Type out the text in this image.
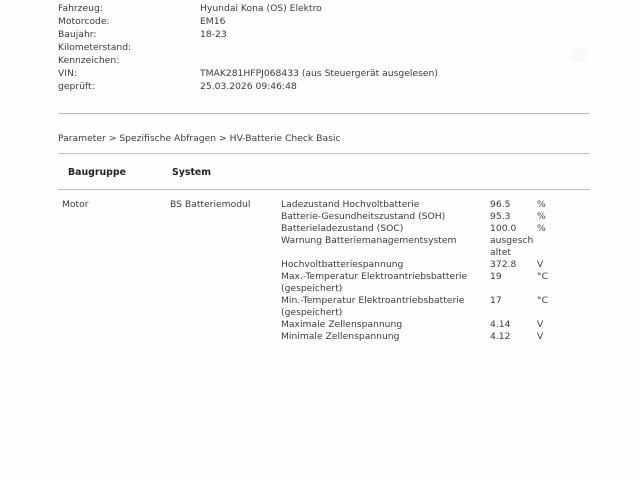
Fahrzeug:	Hyundai Kona (OS) Elektro
Motorcode:	EM16
Baujahr:	18-23
Kilometerstand:
Kennzeichen:
VIN:	TMAK281HFPJ068433 (aus Steuergerät ausgelesen)
geprüft:	25.03.2026 09:46:48
Parameter > Spezifische Abfragen > HV-Batterie Check Basic
Baugruppe	System
Motor	BS Batteriemodul	Ladezustand Hochvoltbatterie	96.5	%
Batterie-Gesundheitszustand (SOH)	95.3	%
Batterieladezustand (SOC)	100.0	%
Warnung Batteriemanagementsystem	ausgeschaltet
Hochvoltbatteriespannung	372.8	V
Max.-Temperatur Elektroantriebsbatterie
(gespeichert)
19	°C
Min.-Temperatur Elektroantriebsbatterie
(gespeichert)
17	°C
Maximale Zellenspannung	4.14	V
Minimale Zellenspannung	4.12	V
